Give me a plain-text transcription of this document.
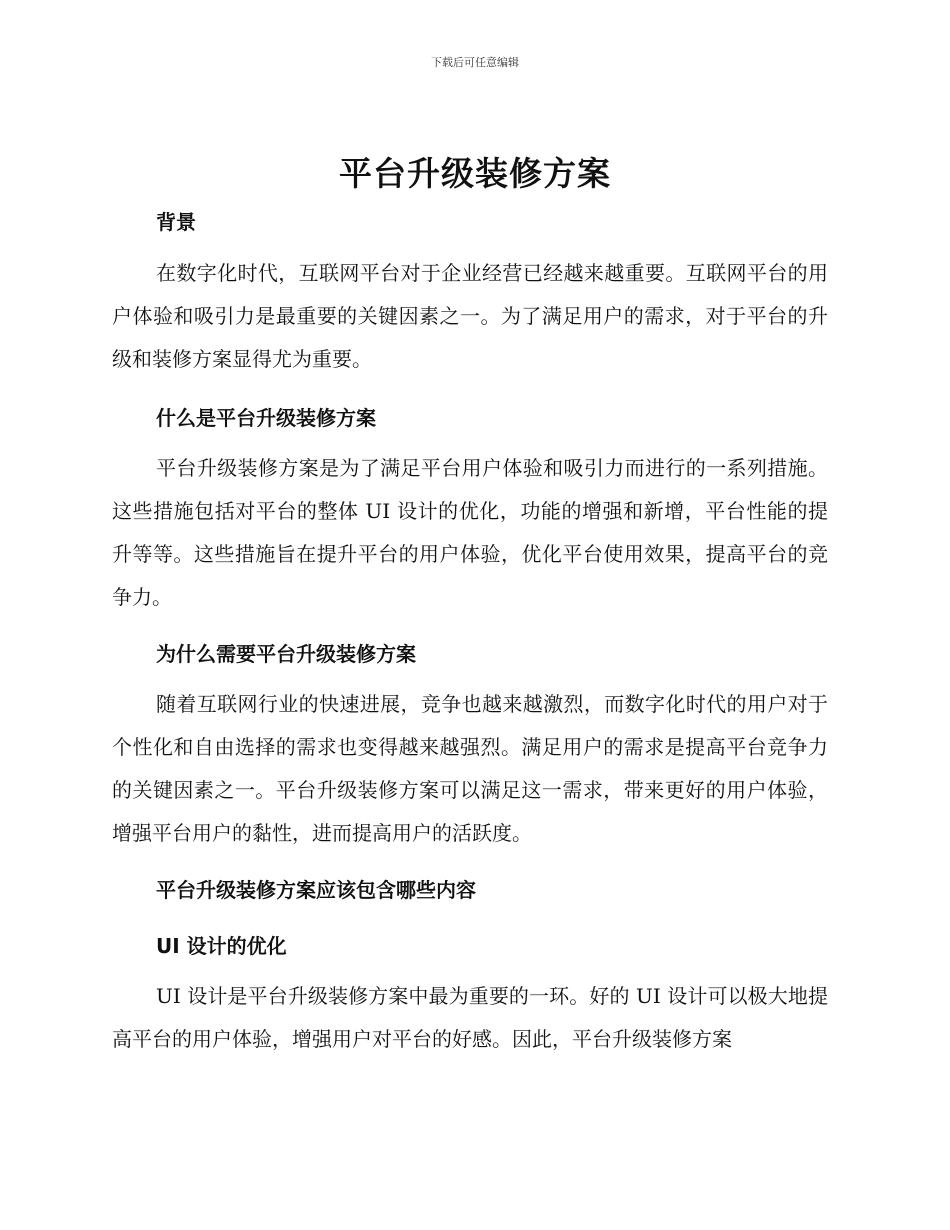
下载后可任意编辑
平台升级装修方案
背景
在数字化时代，互联网平台对于企业经营已经越来越重要。互联网平台的用户体验和吸引力是最重要的关键因素之一。为了满足用户的需求，对于平台的升级和装修方案显得尤为重要。
什么是平台升级装修方案
平台升级装修方案是为了满足平台用户体验和吸引力而进行的一系列措施。这些措施包括对平台的整体 UI 设计的优化，功能的增强和新增，平台性能的提升等等。这些措施旨在提升平台的用户体验，优化平台使用效果，提高平台的竞争力。
为什么需要平台升级装修方案
随着互联网行业的快速进展，竞争也越来越激烈，而数字化时代的用户对于个性化和自由选择的需求也变得越来越强烈。满足用户的需求是提高平台竞争力的关键因素之一。平台升级装修方案可以满足这一需求，带来更好的用户体验，增强平台用户的黏性，进而提高用户的活跃度。
平台升级装修方案应该包含哪些内容
UI 设计的优化
UI 设计是平台升级装修方案中最为重要的一环。好的 UI 设计可以极大地提高平台的用户体验，增强用户对平台的好感。因此，平台升级装修方案
